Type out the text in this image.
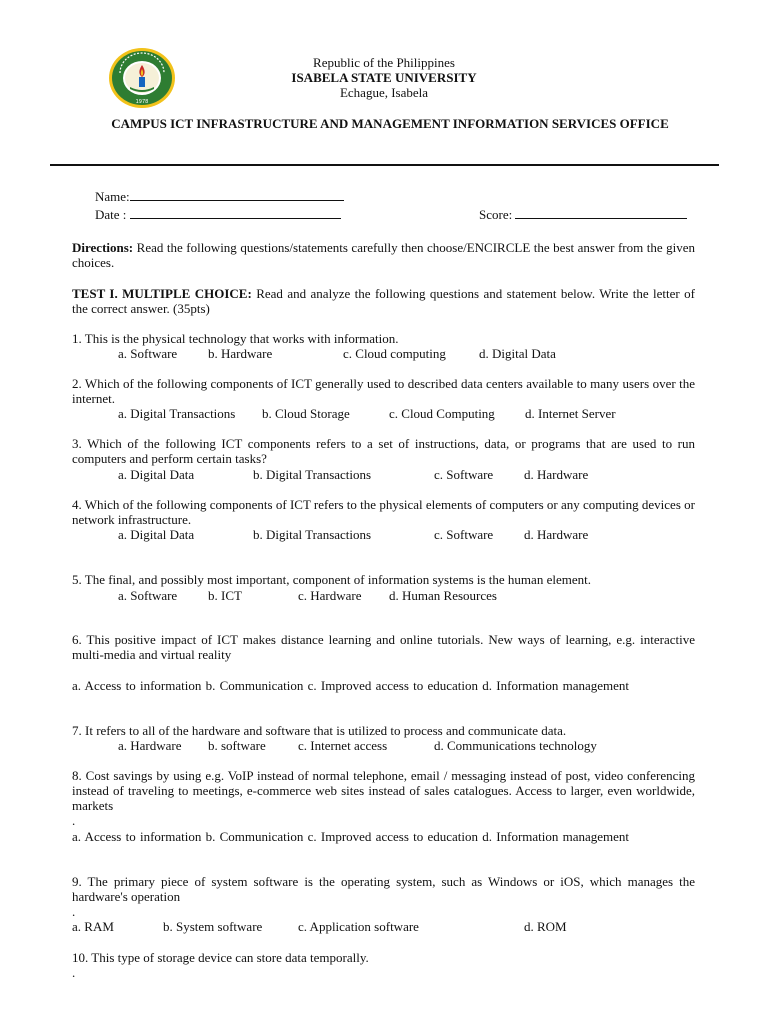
1978
Republic of the Philippines
ISABELA STATE UNIVERSITY
Echague, Isabela
CAMPUS ICT INFRASTRUCTURE AND MANAGEMENT INFORMATION SERVICES OFFICE
Name:
Date :	Score:
Directions: Read the following questions/statements carefully then choose/ENCIRCLE the best answer from the given choices.
TEST I. MULTIPLE CHOICE: Read and analyze the following questions and statement below. Write the letter of the correct answer. (35pts)
1. This is the physical technology that works with information.
a. Software b. Hardware	c. Cloud computing	d. Digital Data
2. Which of the following components of ICT generally used to described data centers available to many users over the internet.
a. Digital Transactions b. Cloud Storage	c. Cloud Computing d. Internet Server
3. Which of the following ICT components refers to a set of instructions, data, or programs that are used to run computers and perform certain tasks?
a. Digital Data	b. Digital Transactions	c. Software d. Hardware
4. Which of the following components of ICT refers to the physical elements of computers or any computing devices or network infrastructure.
a. Digital Data	b. Digital Transactions	c. Software d. Hardware
5. The final, and possibly most important, component of information systems is the human element.
a. Software b. ICT	c. Hardware d. Human Resources
6. This positive impact of ICT makes distance learning and online tutorials. New ways of learning, e.g. interactive multi-media and virtual reality
a. Access to information b. Communication c. Improved access to education d. Information management
7. It refers to all of the hardware and software that is utilized to process and communicate data.
a. Hardware b. software c. Internet access	d. Communications technology
8. Cost savings by using e.g. VoIP instead of normal telephone, email / messaging instead of post, video conferencing instead of traveling to meetings, e-commerce web sites instead of sales catalogues. Access to larger, even worldwide, markets
.
a. Access to information b. Communication c. Improved access to education d. Information management
9. The primary piece of system software is the operating system, such as Windows or iOS, which manages the hardware's operation
.
a. RAM	b. System software	c. Application software	d. ROM
10. This type of storage device can store data temporally.
.
